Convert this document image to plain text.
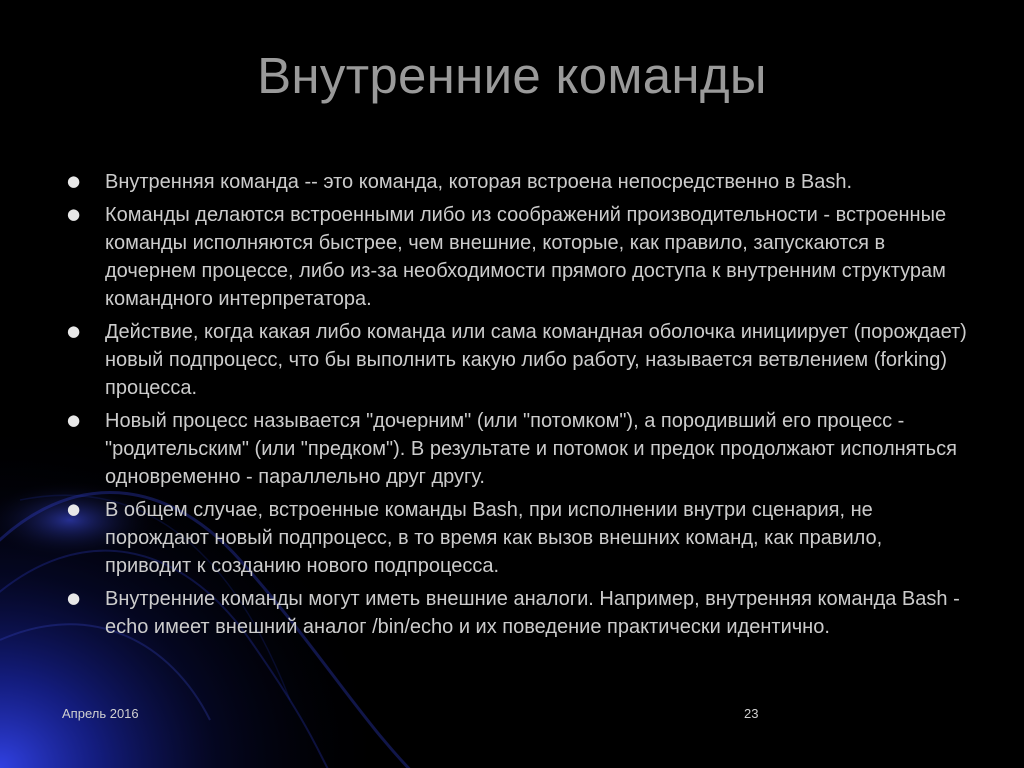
Внутренние команды
● Внутренняя команда -- это команда, которая встроена непосредственно в Bash.
● Команды делаются встроенными либо из соображений производительности - встроенные команды исполняются быстрее, чем внешние, которые, как правило, запускаются в дочернем процессе, либо из-за необходимости прямого доступа к внутренним структурам командного интерпретатора.
● Действие, когда какая либо команда или сама командная оболочка инициирует (порождает) новый подпроцесс, что бы выполнить какую либо работу, называется ветвлением (forking) процесса.
● Новый процесс называется "дочерним" (или "потомком"), а породивший его процесс - "родительским" (или "предком"). В результате и потомок и предок продолжают исполняться одновременно - параллельно друг другу.
● В общем случае, встроенные команды Bash, при исполнении внутри сценария, не порождают новый подпроцесс, в то время как вызов внешних команд, как правило, приводит к созданию нового подпроцесса.
● Внутренние команды могут иметь внешние аналоги. Например, внутренняя команда Bash - echo имеет внешний аналог /bin/echo и их поведение практически идентично.
Апрель 2016	23
